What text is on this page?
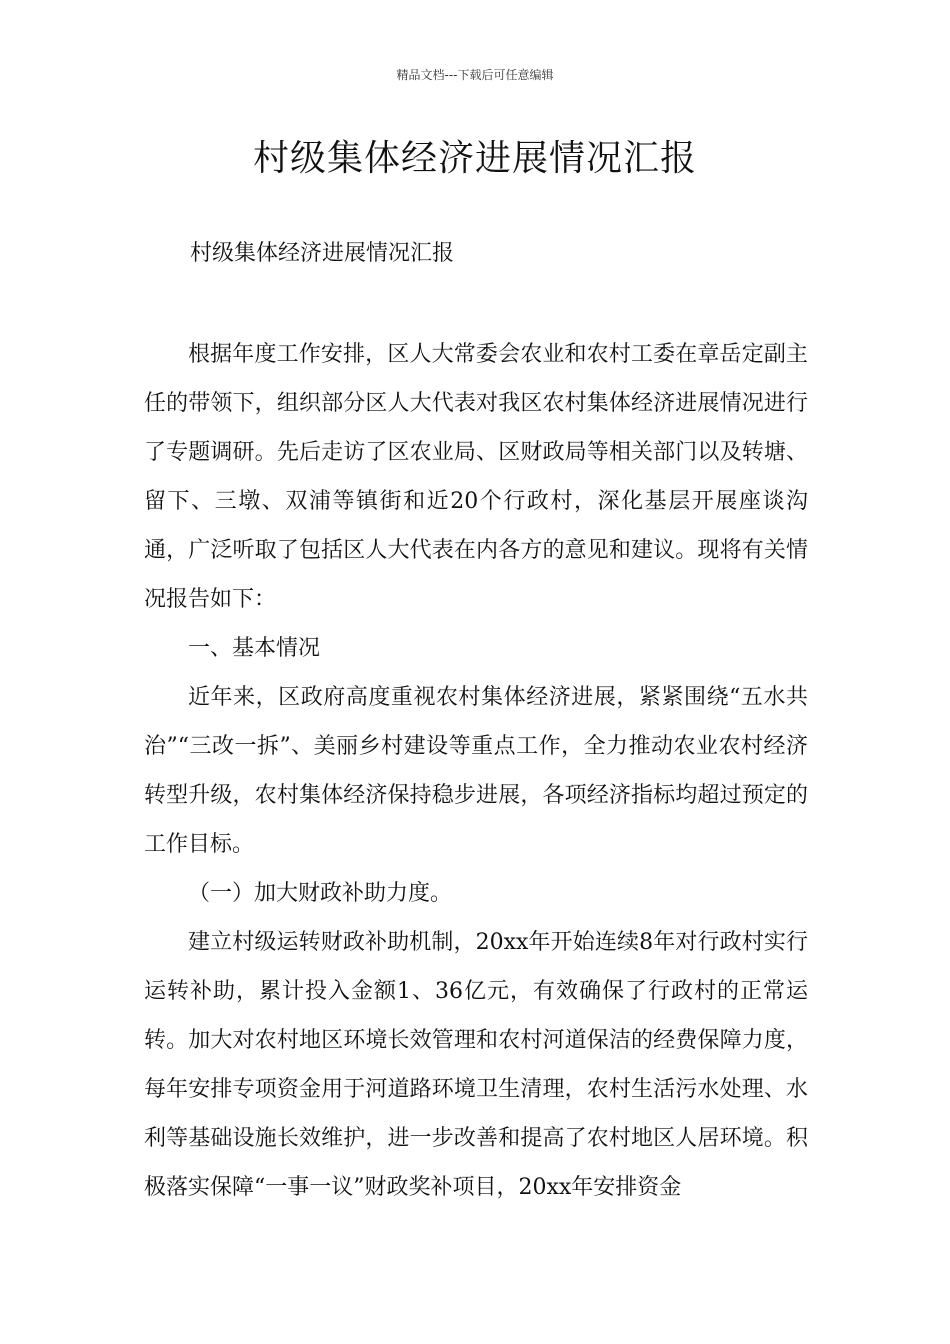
精品文档---下载后可任意编辑
村级集体经济进展情况汇报

村级集体经济进展情况汇报

根据年度工作安排，区人大常委会农业和农村工委在章岳定副主任的带领下，组织部分区人大代表对我区农村集体经济进展情况进行了专题调研。先后走访了区农业局、区财政局等相关部门以及转塘、留下、三墩、双浦等镇街和近20个行政村，深化基层开展座谈沟通，广泛听取了包括区人大代表在内各方的意见和建议。现将有关情况报告如下：

一、基本情况

近年来，区政府高度重视农村集体经济进展，紧紧围绕“五水共治”“三改一拆”、美丽乡村建设等重点工作，全力推动农业农村经济转型升级，农村集体经济保持稳步进展，各项经济指标均超过预定的工作目标。

（一）加大财政补助力度。

建立村级运转财政补助机制，20xx年开始连续8年对行政村实行运转补助，累计投入金额1、36亿元，有效确保了行政村的正常运转。加大对农村地区环境长效管理和农村河道保洁的经费保障力度，每年安排专项资金用于河道路环境卫生清理，农村生活污水处理、水利等基础设施长效维护，进一步改善和提高了农村地区人居环境。积极落实保障“一事一议”财政奖补项目，20xx年安排资金
